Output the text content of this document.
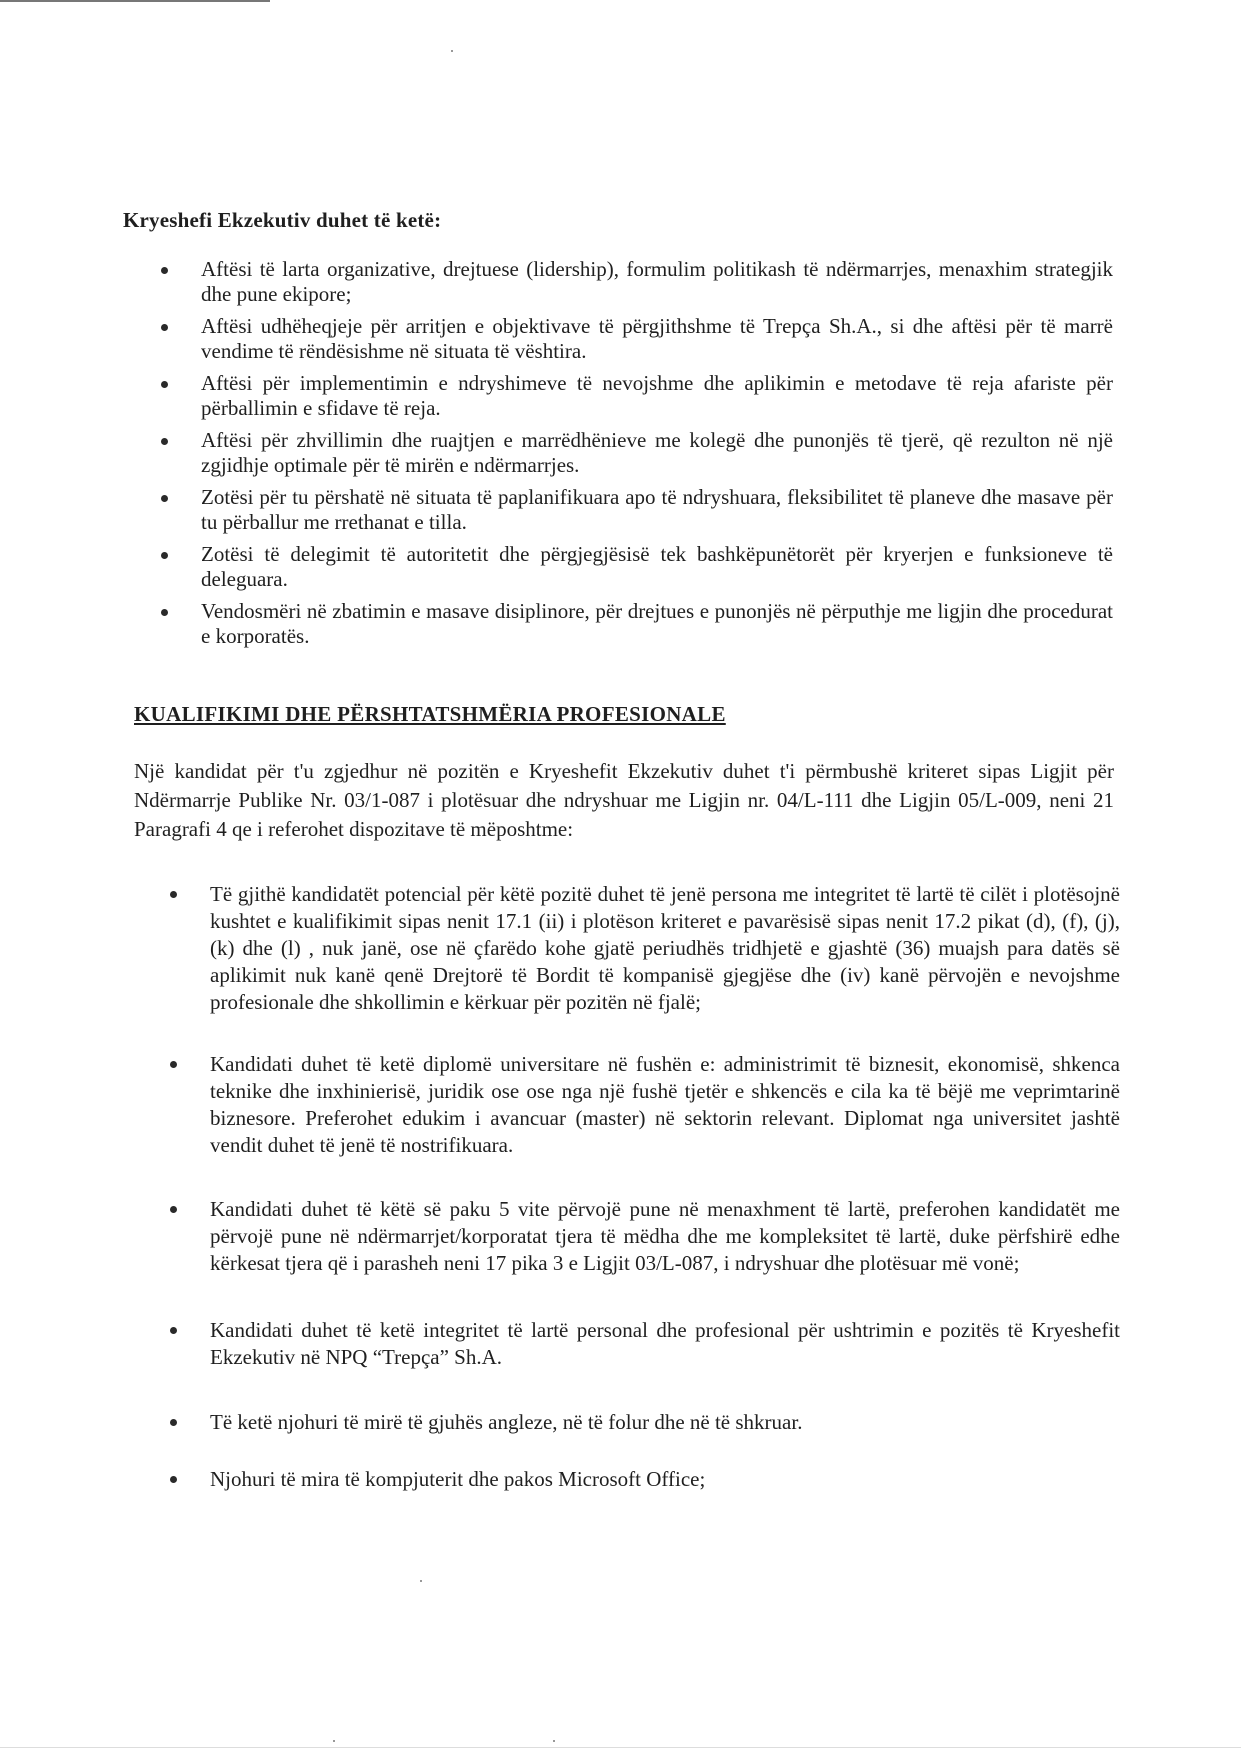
Kryeshefi Ekzekutiv duhet të ketë:
Aftësi të larta organizative, drejtuese (lidership), formulim politikash të ndërmarrjes, menaxhim strategjik dhe pune ekipore;
Aftësi udhëheqjeje për arritjen e objektivave të përgjithshme të Trepça Sh.A., si dhe aftësi për të marrë vendime të rëndësishme në situata të vështira.
Aftësi për implementimin e ndryshimeve të nevojshme dhe aplikimin e metodave të reja afariste për përballimin e sfidave të reja.
Aftësi për zhvillimin dhe ruajtjen e marrëdhënieve me kolegë dhe punonjës të tjerë, që rezulton në një zgjidhje optimale për të mirën e ndërmarrjes.
Zotësi për tu përshatë në situata të paplanifikuara apo të ndryshuara, fleksibilitet të planeve dhe masave për tu përballur me rrethanat e tilla.
Zotësi të delegimit të autoritetit dhe përgjegjësisë tek bashkëpunëtorët për kryerjen e funksioneve të deleguara.
Vendosmëri në zbatimin e masave disiplinore, për drejtues e punonjës në përputhje me ligjin dhe procedurat e korporatës.
KUALIFIKIMI DHE PËRSHTATSHMËRIA PROFESIONALE

Një kandidat për t'u zgjedhur në pozitën e Kryeshefit Ekzekutiv duhet t'i përmbushë kriteret sipas Ligjit për Ndërmarrje Publike Nr. 03/1-087 i plotësuar dhe ndryshuar me Ligjin nr. 04/L-111 dhe Ligjin 05/L-009, neni 21 Paragrafi 4 qe i referohet dispozitave të mëposhtme:

Të gjithë kandidatët potencial për këtë pozitë duhet të jenë persona me integritet të lartë të cilët i plotësojnë kushtet e kualifikimit sipas nenit 17.1 (ii) i plotëson kriteret e pavarësisë sipas nenit 17.2 pikat (d), (f), (j), (k) dhe (l) , nuk janë, ose në çfarëdo kohe gjatë periudhës tridhjetë e gjashtë (36) muajsh para datës së aplikimit nuk kanë qenë Drejtorë të Bordit të kompanisë gjegjëse dhe (iv) kanë përvojën e nevojshme profesionale dhe shkollimin e kërkuar për pozitën në fjalë;
Kandidati duhet të ketë diplomë universitare në fushën e: administrimit të biznesit, ekonomisë, shkenca teknike dhe inxhinierisë, juridik ose ose nga një fushë tjetër e shkencës e cila ka të bëjë me veprimtarinë biznesore. Preferohet edukim i avancuar (master) në sektorin relevant. Diplomat nga universitet jashtë vendit duhet të jenë të nostrifikuara.
Kandidati duhet të këtë së paku 5 vite përvojë pune në menaxhment të lartë, preferohen kandidatët me përvojë pune në ndërmarrjet/korporatat tjera të mëdha dhe me kompleksitet të lartë, duke përfshirë edhe kërkesat tjera që i parasheh neni 17 pika 3 e Ligjit 03/L-087, i ndryshuar dhe plotësuar më vonë;
Kandidati duhet të ketë integritet të lartë personal dhe profesional për ushtrimin e pozitës të Kryeshefit Ekzekutiv në NPQ “Trepça” Sh.A.
Të ketë njohuri të mirë të gjuhës angleze, në të folur dhe në të shkruar.
Njohuri të mira të kompjuterit dhe pakos Microsoft Office;
